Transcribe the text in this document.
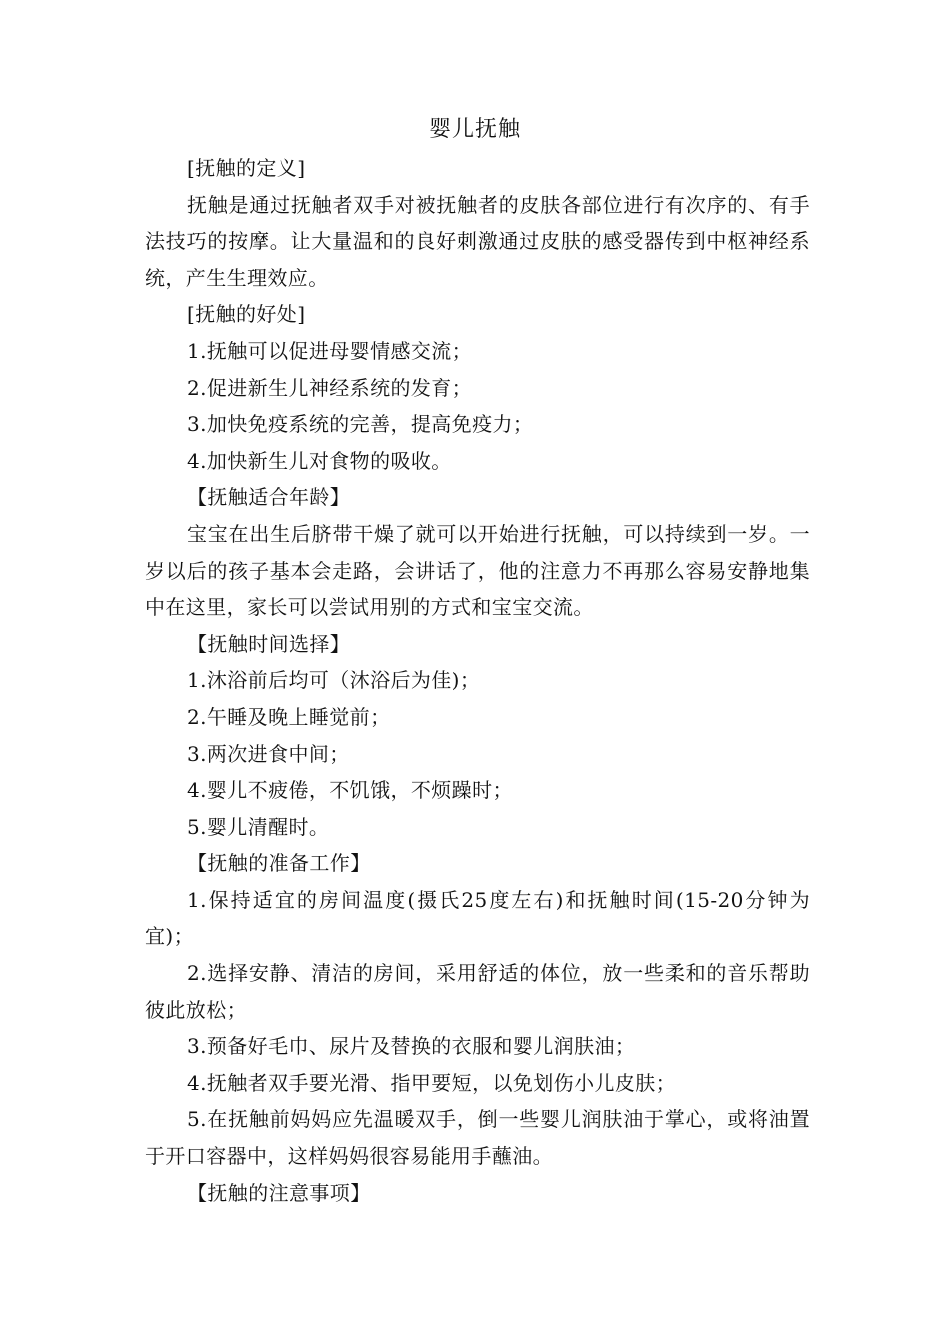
婴儿抚触

[抚触的定义]

抚触是通过抚触者双手对被抚触者的皮肤各部位进行有次序的、有手法技巧的按摩。让大量温和的良好刺激通过皮肤的感受器传到中枢神经系统，产生生理效应。

[抚触的好处]

1.抚触可以促进母婴情感交流；

2.促进新生儿神经系统的发育；

3.加快免疫系统的完善，提高免疫力；

4.加快新生儿对食物的吸收。

【抚触适合年龄】

宝宝在出生后脐带干燥了就可以开始进行抚触，可以持续到一岁。一岁以后的孩子基本会走路，会讲话了，他的注意力不再那么容易安静地集中在这里，家长可以尝试用别的方式和宝宝交流。

【抚触时间选择】

1.沐浴前后均可（沐浴后为佳)；

2.午睡及晚上睡觉前；

3.两次进食中间；

4.婴儿不疲倦，不饥饿，不烦躁时；

5.婴儿清醒时。

【抚触的准备工作】

1.保持适宜的房间温度(摄氏25度左右)和抚触时间(15-20分钟为宜)；

2.选择安静、清洁的房间，采用舒适的体位，放一些柔和的音乐帮助彼此放松；

3.预备好毛巾、尿片及替换的衣服和婴儿润肤油；

4.抚触者双手要光滑、指甲要短，以免划伤小儿皮肤；

5.在抚触前妈妈应先温暖双手，倒一些婴儿润肤油于掌心，或将油置于开口容器中，这样妈妈很容易能用手蘸油。

【抚触的注意事项】
